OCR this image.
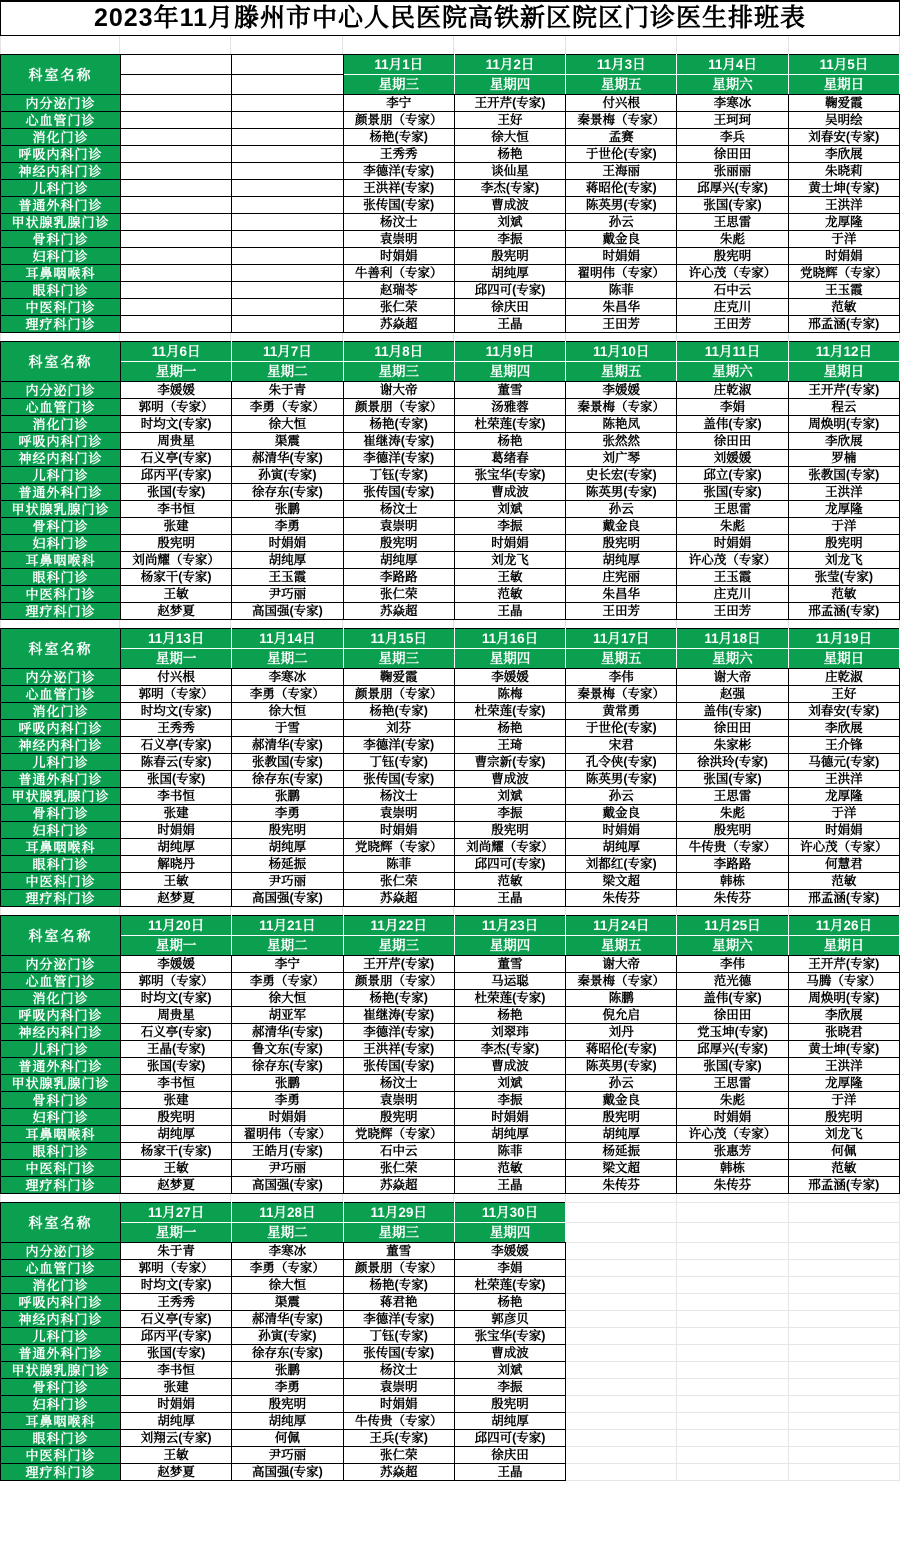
2023年11月滕州市中心人民医院高铁新区院区门诊医生排班表
科室名称			11月1日	11月2日	11月3日	11月4日	11月5日
			星期三	星期四	星期五	星期六	星期日
内分泌门诊			李宁	王开芹(专家)	付兴根	李寒冰	鞠爱霞
心血管门诊			颜景朋（专家）	王好	秦景梅（专家）	王珂珂	吴明绘
消化门诊			杨艳(专家)	徐大恒	孟赛	李兵	刘春安(专家)
呼吸内科门诊			王秀秀	杨艳	于世伦(专家)	徐田田	李欣展
神经内科门诊			李德洋(专家)	谈仙星	王海丽	张丽丽	朱晓莉
儿科门诊			王洪祥(专家)	李杰(专家)	蒋昭伦(专家)	邱厚兴(专家)	黄士坤(专家)
普通外科门诊			张传国(专家)	曹成波	陈英男(专家)	张国(专家)	王洪洋
甲状腺乳腺门诊			杨汶士	刘斌	孙云	王思雷	龙厚隆
骨科门诊			袁崇明	李振	戴金良	朱彪	于洋
妇科门诊			时娟娟	殷宪明	时娟娟	殷宪明	时娟娟
耳鼻咽喉科			牛善利（专家）	胡纯厚	翟明伟（专家）	许心茂（专家）	党晓辉（专家）
眼科门诊			赵瑞苓	邱四可(专家)	陈菲	石中云	王玉霞
中医科门诊			张仁荣	徐庆田	朱昌华	庄克川	范敏
理疗科门诊			苏焱超	王晶	王田芳	王田芳	邢孟涵(专家)
科室名称	11月6日	11月7日	11月8日	11月9日	11月10日	11月11日	11月12日
	星期一	星期二	星期三	星期四	星期五	星期六	星期日
内分泌门诊	李媛媛	朱于青	谢大帝	董雪	李媛媛	庄乾淑	王开芹(专家)
心血管门诊	郭明（专家）	李勇（专家）	颜景朋（专家）	汤雅蓉	秦景梅（专家）	李娟	程云
消化门诊	时均文(专家)	徐大恒	杨艳(专家)	杜荣莲(专家)	陈艳凤	盖伟(专家)	周焕明(专家)
呼吸内科门诊	周贵星	渠震	崔继涛(专家)	杨艳	张然然	徐田田	李欣展
神经内科门诊	石义亭(专家)	郝清华(专家)	李德洋(专家)	葛绪春	刘广琴	刘媛媛	罗楠
儿科门诊	邱丙平(专家)	孙寅(专家)	丁钰(专家)	张宝华(专家)	史长宏(专家)	邱立(专家)	张教国(专家)
普通外科门诊	张国(专家)	徐存东(专家)	张传国(专家)	曹成波	陈英男(专家)	张国(专家)	王洪洋
甲状腺乳腺门诊	李书恒	张鹏	杨汶士	刘斌	孙云	王思雷	龙厚隆
骨科门诊	张建	李勇	袁崇明	李振	戴金良	朱彪	于洋
妇科门诊	殷宪明	时娟娟	殷宪明	时娟娟	殷宪明	时娟娟	殷宪明
耳鼻咽喉科	刘尚耀（专家）	胡纯厚	胡纯厚	刘龙飞	胡纯厚	许心茂（专家）	刘龙飞
眼科门诊	杨家干(专家)	王玉霞	李路路	王敏	庄宪丽	王玉霞	张莹(专家)
中医科门诊	王敏	尹巧丽	张仁荣	范敏	朱昌华	庄克川	范敏
理疗科门诊	赵梦夏	高国强(专家)	苏焱超	王晶	王田芳	王田芳	邢孟涵(专家)
科室名称	11月13日	11月14日	11月15日	11月16日	11月17日	11月18日	11月19日
	星期一	星期二	星期三	星期四	星期五	星期六	星期日
内分泌门诊	付兴根	李寒冰	鞠爱霞	李媛媛	李伟	谢大帝	庄乾淑
心血管门诊	郭明（专家）	李勇（专家）	颜景朋（专家）	陈梅	秦景梅（专家）	赵强	王好
消化门诊	时均文(专家)	徐大恒	杨艳(专家)	杜荣莲(专家)	黄常勇	盖伟(专家)	刘春安(专家)
呼吸内科门诊	王秀秀	于雪	刘芬	杨艳	于世伦(专家)	徐田田	李欣展
神经内科门诊	石义亭(专家)	郝清华(专家)	李德洋(专家)	王琦	宋君	朱家彬	王介锋
儿科门诊	陈春云(专家)	张教国(专家)	丁钰(专家)	曹宗新(专家)	孔令侠(专家)	徐洪玲(专家)	马德元(专家)
普通外科门诊	张国(专家)	徐存东(专家)	张传国(专家)	曹成波	陈英男(专家)	张国(专家)	王洪洋
甲状腺乳腺门诊	李书恒	张鹏	杨汶士	刘斌	孙云	王思雷	龙厚隆
骨科门诊	张建	李勇	袁崇明	李振	戴金良	朱彪	于洋
妇科门诊	时娟娟	殷宪明	时娟娟	殷宪明	时娟娟	殷宪明	时娟娟
耳鼻咽喉科	胡纯厚	胡纯厚	党晓辉（专家）	刘尚耀（专家）	胡纯厚	牛传贵（专家）	许心茂（专家）
眼科门诊	解晓丹	杨延振	陈菲	邱四可(专家)	刘都红(专家)	李路路	何慧君
中医科门诊	王敏	尹巧丽	张仁荣	范敏	梁文超	韩栋	范敏
理疗科门诊	赵梦夏	高国强(专家)	苏焱超	王晶	朱传芬	朱传芬	邢孟涵(专家)
科室名称	11月20日	11月21日	11月22日	11月23日	11月24日	11月25日	11月26日
	星期一	星期二	星期三	星期四	星期五	星期六	星期日
内分泌门诊	李媛媛	李宁	王开芹(专家)	董雪	谢大帝	李伟	王开芹(专家)
心血管门诊	郭明（专家）	李勇（专家）	颜景朋（专家）	马运聪	秦景梅（专家）	范光德	马腾（专家）
消化门诊	时均文(专家)	徐大恒	杨艳(专家)	杜荣莲(专家)	陈鹏	盖伟(专家)	周焕明(专家)
呼吸内科门诊	周贵星	胡亚军	崔继涛(专家)	杨艳	倪允启	徐田田	李欣展
神经内科门诊	石义亭(专家)	郝清华(专家)	李德洋(专家)	刘翠玮	刘丹	党玉坤(专家)	张晓君
儿科门诊	王晶(专家)	鲁文东(专家)	王洪祥(专家)	李杰(专家)	蒋昭伦(专家)	邱厚兴(专家)	黄士坤(专家)
普通外科门诊	张国(专家)	徐存东(专家)	张传国(专家)	曹成波	陈英男(专家)	张国(专家)	王洪洋
甲状腺乳腺门诊	李书恒	张鹏	杨汶士	刘斌	孙云	王思雷	龙厚隆
骨科门诊	张建	李勇	袁崇明	李振	戴金良	朱彪	于洋
妇科门诊	殷宪明	时娟娟	殷宪明	时娟娟	殷宪明	时娟娟	殷宪明
耳鼻咽喉科	胡纯厚	翟明伟（专家）	党晓辉（专家）	胡纯厚	胡纯厚	许心茂（专家）	刘龙飞
眼科门诊	杨家干(专家)	王皓月(专家)	石中云	陈菲	杨延振	张惠芳	何佩
中医科门诊	王敏	尹巧丽	张仁荣	范敏	梁文超	韩栋	范敏
理疗科门诊	赵梦夏	高国强(专家)	苏焱超	王晶	朱传芬	朱传芬	邢孟涵(专家)
科室名称	11月27日	11月28日	11月29日	11月30日			
	星期一	星期二	星期三	星期四			
内分泌门诊	朱于青	李寒冰	董雪	李媛媛			
心血管门诊	郭明（专家）	李勇（专家）	颜景朋（专家）	李娟			
消化门诊	时均文(专家)	徐大恒	杨艳(专家)	杜荣莲(专家)			
呼吸内科门诊	王秀秀	渠震	蒋君艳	杨艳			
神经内科门诊	石义亭(专家)	郝清华(专家)	李德洋(专家)	郭彦贝			
儿科门诊	邱丙平(专家)	孙寅(专家)	丁钰(专家)	张宝华(专家)			
普通外科门诊	张国(专家)	徐存东(专家)	张传国(专家)	曹成波			
甲状腺乳腺门诊	李书恒	张鹏	杨汶士	刘斌			
骨科门诊	张建	李勇	袁崇明	李振			
妇科门诊	时娟娟	殷宪明	时娟娟	殷宪明			
耳鼻咽喉科	胡纯厚	胡纯厚	牛传贵（专家）	胡纯厚			
眼科门诊	刘翔云(专家)	何佩	王兵(专家)	邱四可(专家)			
中医科门诊	王敏	尹巧丽	张仁荣	徐庆田			
理疗科门诊	赵梦夏	高国强(专家)	苏焱超	王晶			
